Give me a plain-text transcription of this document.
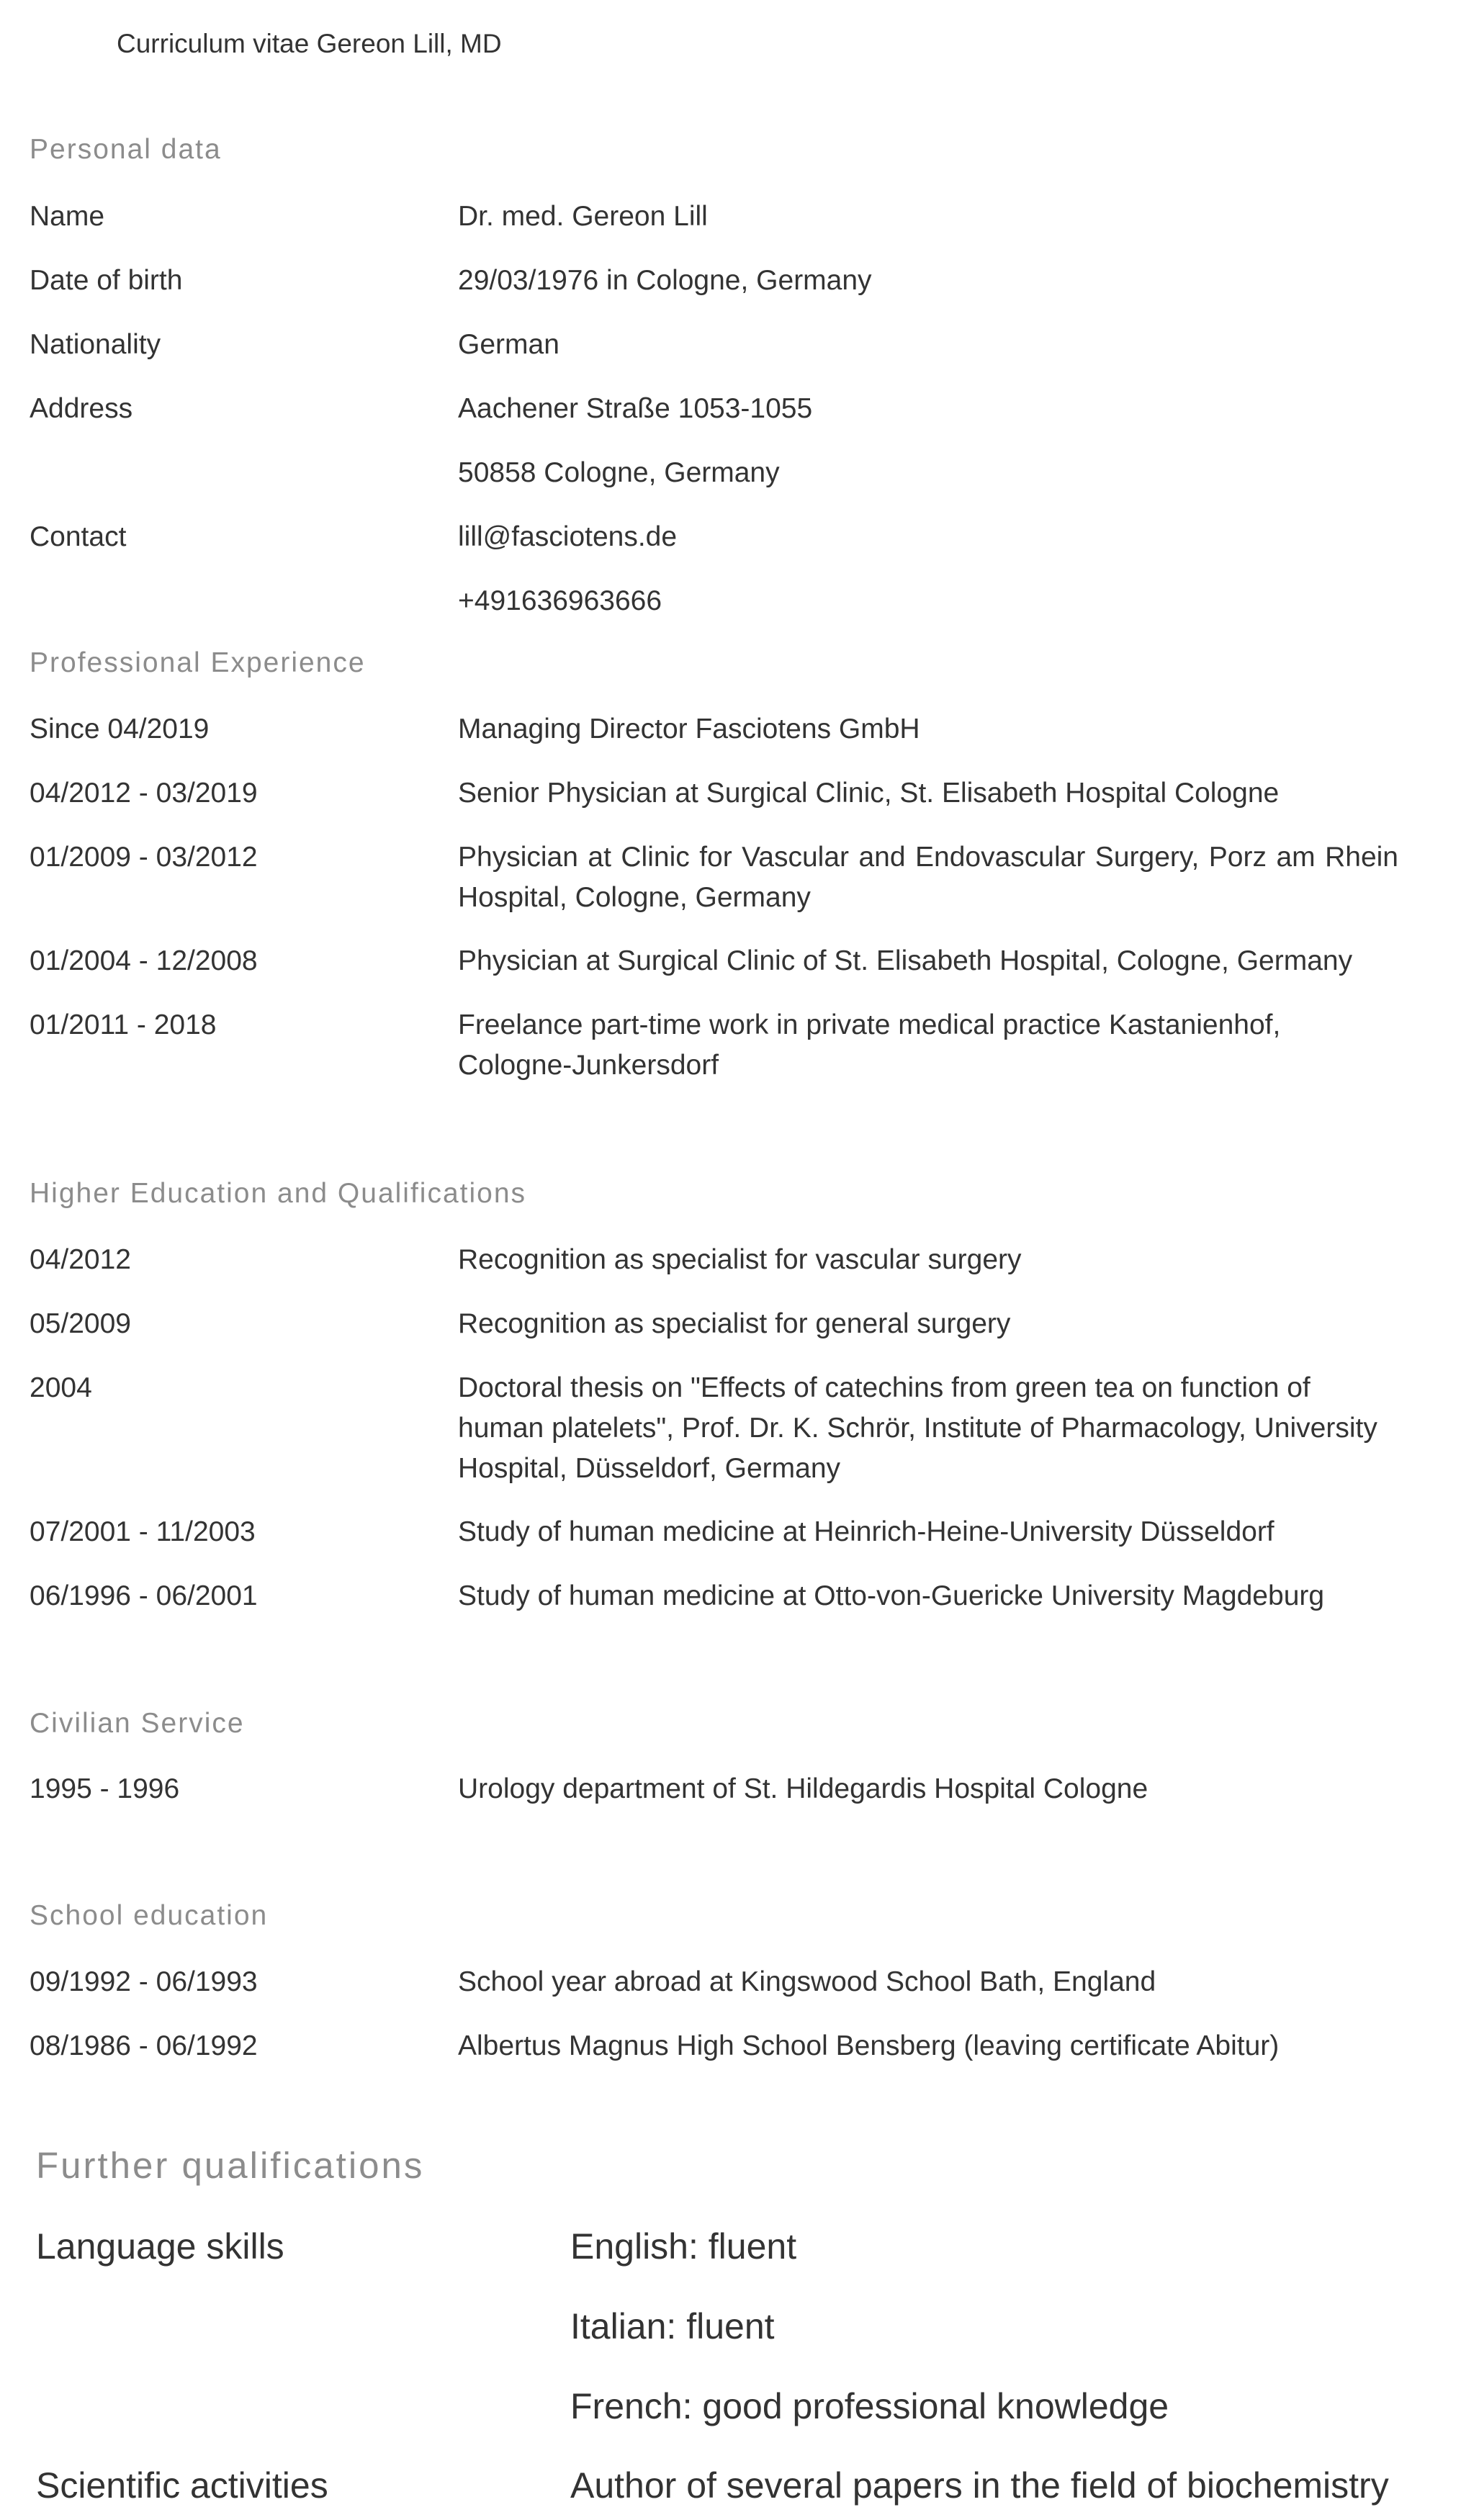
Curriculum vitae Gereon Lill, MD
Personal data
Name	Dr. med. Gereon Lill
Date of birth	29/03/1976 in Cologne, Germany
Nationality	German
Address	Aachener Straße 1053-1055
50858 Cologne, Germany
Contact	lill@fasciotens.de
+491636963666
Professional Experience
Since 04/2019	Managing Director Fasciotens GmbH
04/2012 - 03/2019	Senior Physician at Surgical Clinic, St. Elisabeth Hospital Cologne
01/2009 - 03/2012	Physician at Clinic for Vascular and Endovascular Surgery, Porz am Rhein Hospital, Cologne, Germany
01/2004 - 12/2008	Physician at Surgical Clinic of St. Elisabeth Hospital, Cologne, Germany
01/2011 - 2018	Freelance part-time work in private medical practice Kastanienhof, Cologne-Junkersdorf
Higher Education and Qualifications
04/2012	Recognition as specialist for vascular surgery
05/2009	Recognition as specialist for general surgery
2004	Doctoral thesis on "Effects of catechins from green tea on function of human platelets", Prof. Dr. K. Schrör, Institute of Pharmacology, University Hospital, Düsseldorf, Germany
07/2001 - 11/2003	Study of human medicine at Heinrich-Heine-University Düsseldorf
06/1996 - 06/2001	Study of human medicine at Otto-von-Guericke University Magdeburg
Civilian Service
1995 - 1996	Urology department of St. Hildegardis Hospital Cologne
School education
09/1992 - 06/1993	School year abroad at Kingswood School Bath, England
08/1986 - 06/1992	Albertus Magnus High School Bensberg (leaving certificate Abitur)
Further qualifications
Language skills	English: fluent
Italian: fluent
French: good professional knowledge
Scientific activities	Author of several papers in the field of biochemistry
